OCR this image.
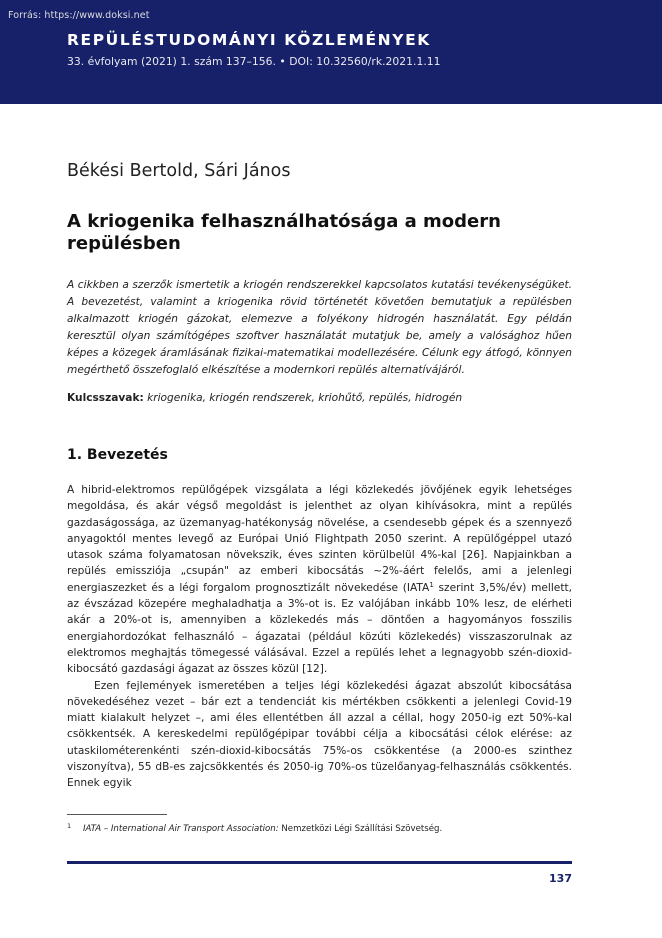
Forrás: https://www.doksi.net
REPÜLÉSTUDOMÁNYI KÖZLEMÉNYEK
33. évfolyam (2021) 1. szám 137–156. • DOI: 10.32560/rk.2021.1.11
Békési Bertold, Sári János
A kriogenika felhasználhatósága a modern repülésben
A cikkben a szerzők ismertetik a kriogén rendszerekkel kapcsolatos kutatási tevékenységüket. A bevezetést, valamint a kriogenika rövid történetét követően bemutatjuk a repülésben alkalmazott kriogén gázokat, elemezve a folyékony hidrogén használatát. Egy példán keresztül olyan számítógépes szoftver használatát mutatjuk be, amely a valósághoz hűen képes a közegek áramlásának fizikai-matematikai modellezésére. Célunk egy átfogó, könnyen megérthető összefoglaló elkészítése a modernkori repülés alternatívájáról.
Kulcsszavak: kriogenika, kriogén rendszerek, kriohűtő, repülés, hidrogén
1. Bevezetés

A hibrid-elektromos repülőgépek vizsgálata a légi közlekedés jövőjének egyik lehetséges megoldása, és akár végső megoldást is jelenthet az olyan kihívásokra, mint a repülés gazdaságossága, az üzemanyag-hatékonyság növelése, a csendesebb gépek és a szennyező anyagoktól mentes levegő az Európai Unió Flightpath 2050 szerint. A repülőgéppel utazó utasok száma folyamatosan növekszik, éves szinten körülbelül 4%-kal [26]. Napjainkban a repülés emissziója „csupán" az emberi kibocsátás ~2%-áért felelős, ami a jelenlegi energiaszezket és a légi forgalom prognosztizált növekedése (IATA$^1$ szerint 3,5%/év) mellett, az évszázad közepére meghaladhatja a 3%-ot is. Ez valójában inkább 10% lesz, de elérheti akár a 20%-ot is, amennyiben a közlekedés más – döntően a hagyományos fosszilis energiahordozókat felhasználó – ágazatai (például közúti közlekedés) visszaszorulnak az elektromos meghajtás tömegessé válásával. Ezzel a repülés lehet a legnagyobb szén-dioxid-kibocsátó gazdasági ágazat az összes közül [12].

Ezen fejlemények ismeretében a teljes légi közlekedési ágazat abszolút kibocsátása növekedéséhez vezet – bár ezt a tendenciát kis mértékben csökkenti a jelenlegi Covid-19 miatt kialakult helyzet –, ami éles ellentétben áll azzal a céllal, hogy 2050-ig ezt 50%-kal csökkentsék. A kereskedelmi repülőgépipar további célja a kibocsátási célok elérése: az utaskilométerenkénti szén-dioxid-kibocsátás 75%-os csökkentése (a 2000-es szinthez viszonyítva), 55 dB-es zajcsökkentés és 2050-ig 70%-os tüzelőanyag-felhasználás csökkentés. Ennek egyik

1 IATA – International Air Transport Association: Nemzetközi Légi Szállítási Szövetség.
137
